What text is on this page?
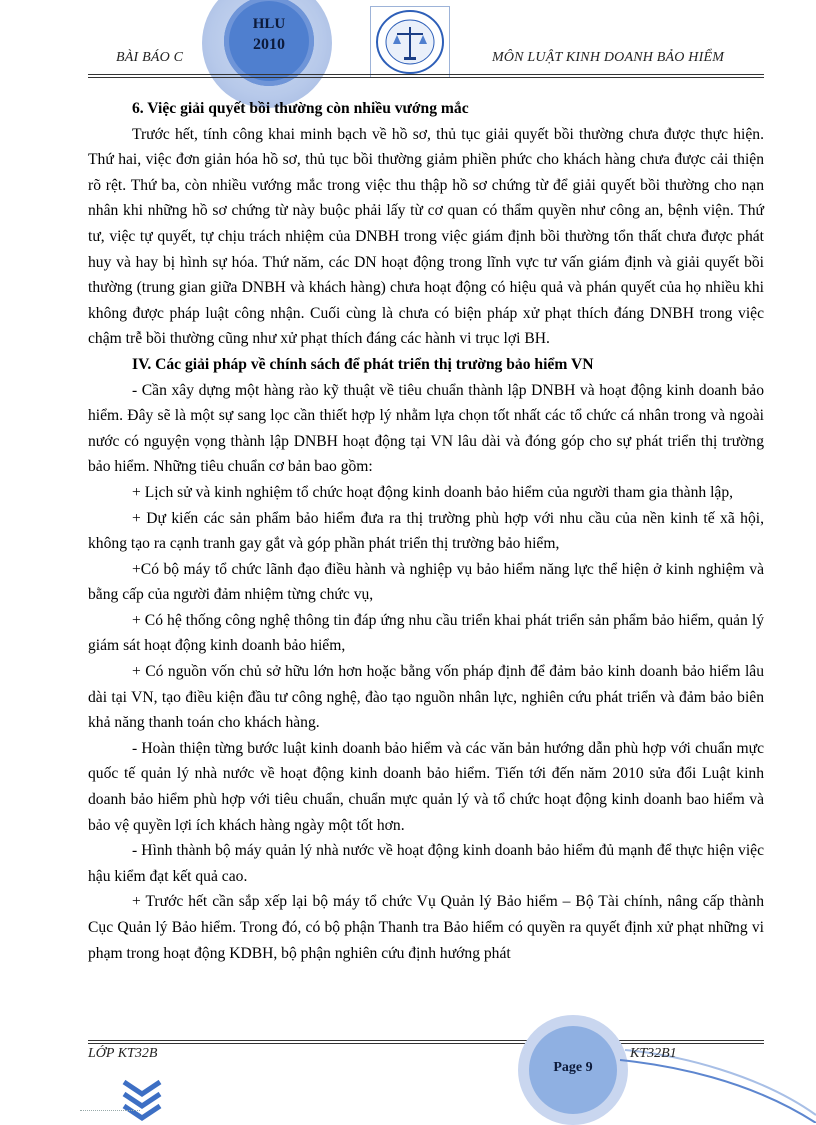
HLU
2010
BÀI BÁO C	MÔN LUẬT KINH DOANH BẢO HIỂM
6. Việc giải quyết bồi thường còn nhiều vướng mắc

Trước hết, tính công khai minh bạch về hồ sơ, thủ tục giải quyết bồi thường chưa được thực hiện. Thứ hai, việc đơn giản hóa hồ sơ, thủ tục bồi thường giảm phiền phức cho khách hàng chưa được cải thiện rõ rệt. Thứ ba, còn nhiều vướng mắc trong việc thu thập hồ sơ chứng từ để giải quyết bồi thường cho nạn nhân khi những hồ sơ chứng từ này buộc phải lấy từ cơ quan có thẩm quyền như công an, bệnh viện. Thứ tư, việc tự quyết, tự chịu trách nhiệm của DNBH trong việc giám định bồi thường tổn thất chưa được phát huy và hay bị hình sự hóa. Thứ năm, các DN hoạt động trong lĩnh vực tư vấn giám định và giải quyết bồi thường (trung gian giữa DNBH và khách hàng) chưa hoạt động có hiệu quả và phán quyết của họ nhiều khi không được pháp luật công nhận. Cuối cùng là chưa có biện pháp xử phạt thích đáng DNBH trong việc chậm trễ bồi thường cũng như xử phạt thích đáng các hành vi trục lợi BH.

IV. Các giải pháp về chính sách để phát triển thị trường bảo hiểm VN

- Cần xây dựng một hàng rào kỹ thuật về tiêu chuẩn thành lập DNBH và hoạt động kinh doanh bảo hiểm. Đây sẽ là một sự sang lọc cần thiết hợp lý nhằm lựa chọn tốt nhất các tổ chức cá nhân trong và ngoài nước có nguyện vọng thành lập DNBH hoạt động tại VN lâu dài và đóng góp cho sự phát triển thị trường bảo hiểm. Những tiêu chuẩn cơ bản bao gồm:

+ Lịch sử và kinh nghiệm tổ chức hoạt động kinh doanh bảo hiểm của người tham gia thành lập,

+ Dự kiến các sản phẩm bảo hiểm đưa ra thị trường phù hợp với nhu cầu của nền kinh tế xã hội, không tạo ra cạnh tranh gay gắt và góp phần phát triển thị trường bảo hiểm,

+Có bộ máy tổ chức lãnh đạo điều hành và nghiệp vụ bảo hiểm năng lực thể hiện ở kinh nghiệm và bằng cấp của người đảm nhiệm từng chức vụ,

+ Có hệ thống công nghệ thông tin đáp ứng nhu cầu triển khai phát triển sản phẩm bảo hiểm, quản lý giám sát hoạt động kinh doanh bảo hiểm,

+ Có nguồn vốn chủ sở hữu lớn hơn hoặc bằng vốn pháp định để đảm bảo kinh doanh bảo hiểm lâu dài tại VN, tạo điều kiện đầu tư công nghệ, đào tạo nguồn nhân lực, nghiên cứu phát triển và đảm bảo biên khả năng thanh toán cho khách hàng.

- Hoàn thiện từng bước luật kinh doanh bảo hiểm và các văn bản hướng dẫn phù hợp với chuẩn mực quốc tế quản lý nhà nước về hoạt động kinh doanh bảo hiểm. Tiến tới đến năm 2010 sửa đổi Luật kinh doanh bảo hiểm phù hợp với tiêu chuẩn, chuẩn mực quản lý và tổ chức hoạt động kinh doanh bao hiểm và bảo vệ quyền lợi ích khách hàng ngày một tốt hơn.

- Hình thành bộ máy quản lý nhà nước về hoạt động kinh doanh bảo hiểm đủ mạnh để thực hiện việc hậu kiểm đạt kết quả cao.

+ Trước hết cần sắp xếp lại bộ máy tổ chức Vụ Quản lý Bảo hiểm – Bộ Tài chính, nâng cấp thành Cục Quản lý Bảo hiểm. Trong đó, có bộ phận Thanh tra Bảo hiểm có quyền ra quyết định xử phạt những vi phạm trong hoạt động KDBH, bộ phận nghiên cứu định hướng phát

Page 9
LỚP KT32B	KT32B1
